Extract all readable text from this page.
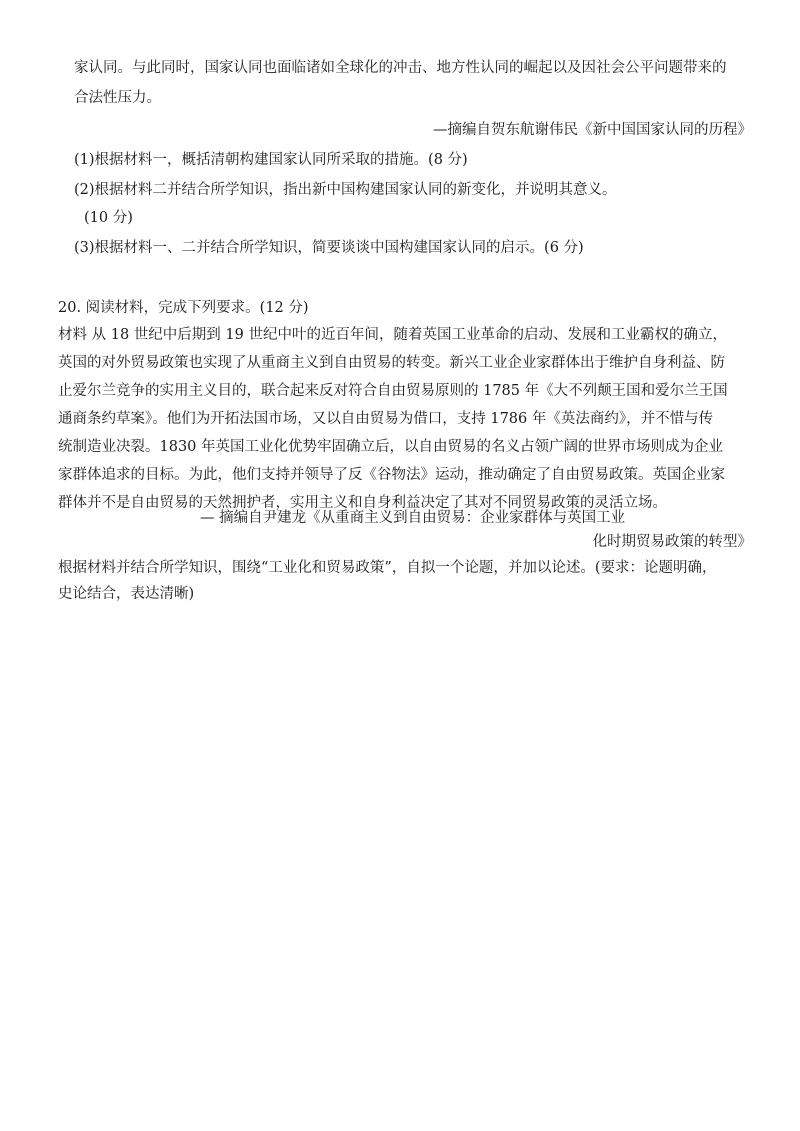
家认同。与此同时，国家认同也面临诸如全球化的冲击、地方性认同的崛起以及因社会公平问题带来的
合法性压力。
—摘编自贺东航谢伟民《新中国国家认同的历程》
(1)根据材料一，概括清朝构建国家认同所采取的措施。(8 分)
(2)根据材料二并结合所学知识，指出新中国构建国家认同的新变化，并说明其意义。
(10 分)
(3)根据材料一、二并结合所学知识，简要谈谈中国构建国家认同的启示。(6 分)
20. 阅读材料，完成下列要求。(12 分)
材料 从 18 世纪中后期到 19 世纪中叶的近百年间，随着英国工业革命的启动、发展和工业霸权的确立，
英国的对外贸易政策也实现了从重商主义到自由贸易的转变。新兴工业企业家群体出于维护自身利益、防
止爱尔兰竞争的实用主义目的，联合起来反对符合自由贸易原则的 1785 年《大不列颠王国和爱尔兰王国
通商条约草案》。他们为开拓法国市场，又以自由贸易为借口，支持 1786 年《英法商约》，并不惜与传
统制造业决裂。1830 年英国工业化优势牢固确立后，以自由贸易的名义占领广阔的世界市场则成为企业
家群体追求的目标。为此，他们支持并领导了反《谷物法》运动，推动确定了自由贸易政策。英国企业家
群体并不是自由贸易的天然拥护者，实用主义和自身利益决定了其对不同贸易政策的灵活立场。
— 摘编自尹建龙《从重商主义到自由贸易：企业家群体与英国工业
化时期贸易政策的转型》
根据材料并结合所学知识，围绕“工业化和贸易政策”，自拟一个论题，并加以论述。(要求：论题明确，
史论结合，表达清晰)
